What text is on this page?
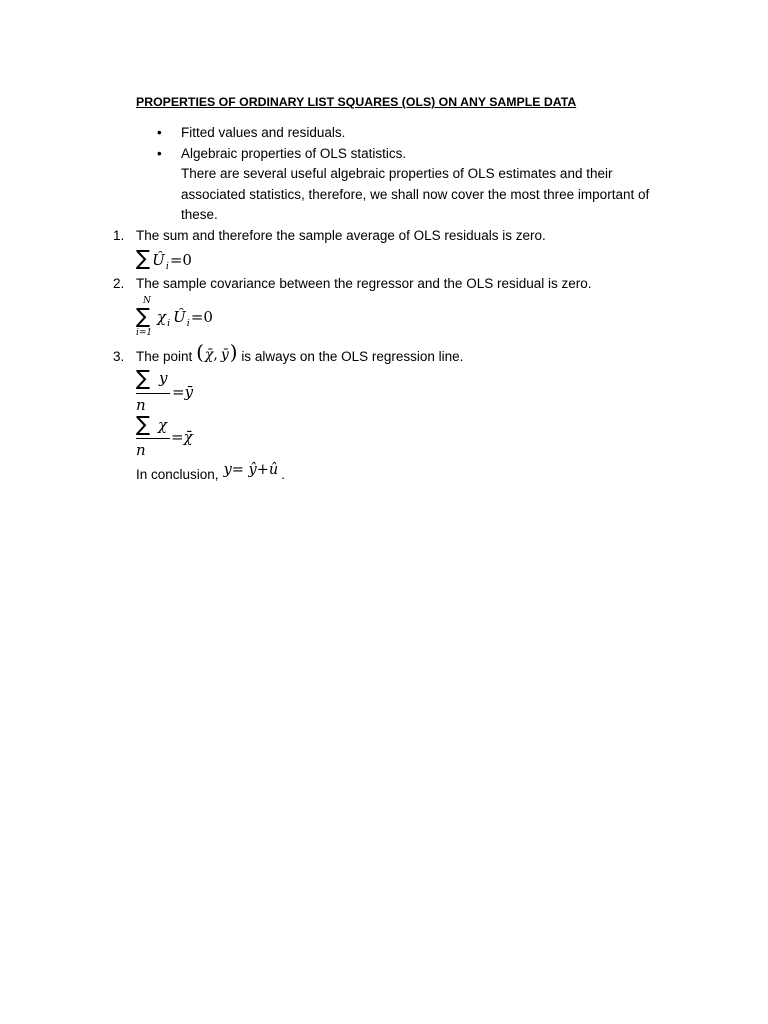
PROPERTIES OF ORDINARY LIST SQUARES (OLS) ON ANY SAMPLE DATA
• Fitted values and residuals.
• Algebraic properties of OLS statistics.
There are several useful algebraic properties of OLS estimates and their
associated statistics, therefore, we shall now cover the most three important of
these.
1. The sum and therefore the sample average of OLS residuals is zero.
∑ Û i =0
2. The sample covariance between the regressor and the OLS residual is zero.
N
∑
i=1
χ i Û i =0
3. The point (χ̄, ȳ) is always on the OLS regression line.
∑ y
n
=ȳ
∑ χ
n
=χ̄
In conclusion, y= ŷ+û .
